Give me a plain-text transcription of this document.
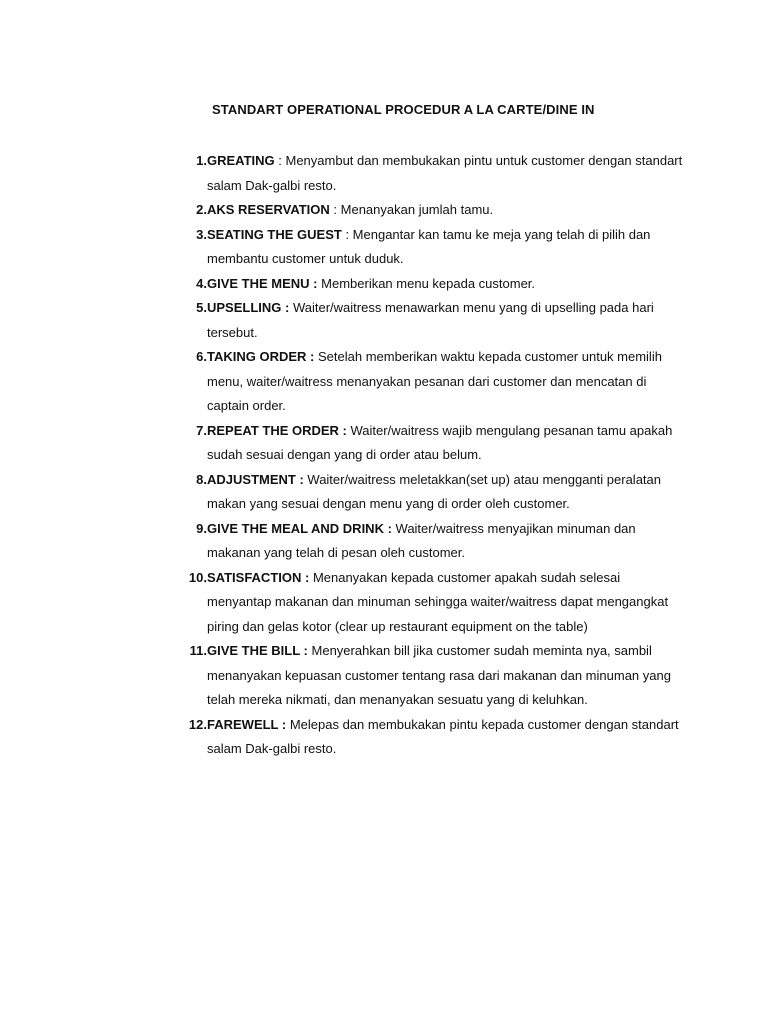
STANDART OPERATIONAL PROCEDUR A LA CARTE/DINE IN
1. GREATING : Menyambut dan membukakan pintu untuk customer dengan standart salam Dak-galbi resto.
2. AKS RESERVATION : Menanyakan jumlah tamu.
3. SEATING THE GUEST : Mengantar kan tamu ke meja yang telah di pilih dan membantu customer untuk duduk.
4. GIVE THE MENU : Memberikan menu kepada customer.
5. UPSELLING : Waiter/waitress menawarkan menu yang di upselling pada hari tersebut.
6. TAKING ORDER : Setelah memberikan waktu kepada customer untuk memilih menu, waiter/waitress menanyakan pesanan dari customer dan mencatan di captain order.
7. REPEAT THE ORDER : Waiter/waitress wajib mengulang pesanan tamu apakah sudah sesuai dengan yang di order atau belum.
8. ADJUSTMENT : Waiter/waitress meletakkan(set up) atau mengganti peralatan makan yang sesuai dengan menu yang di order oleh customer.
9. GIVE THE MEAL AND DRINK : Waiter/waitress menyajikan minuman dan makanan yang telah di pesan oleh customer.
10. SATISFACTION : Menanyakan kepada customer apakah sudah selesai menyantap makanan dan minuman sehingga waiter/waitress dapat mengangkat piring dan gelas kotor (clear up restaurant equipment on the table)
11. GIVE THE BILL : Menyerahkan bill jika customer sudah meminta nya, sambil menanyakan kepuasan customer tentang rasa dari makanan dan minuman yang telah mereka nikmati, dan menanyakan sesuatu yang di keluhkan.
12. FAREWELL : Melepas dan membukakan pintu kepada customer dengan standart salam Dak-galbi resto.
